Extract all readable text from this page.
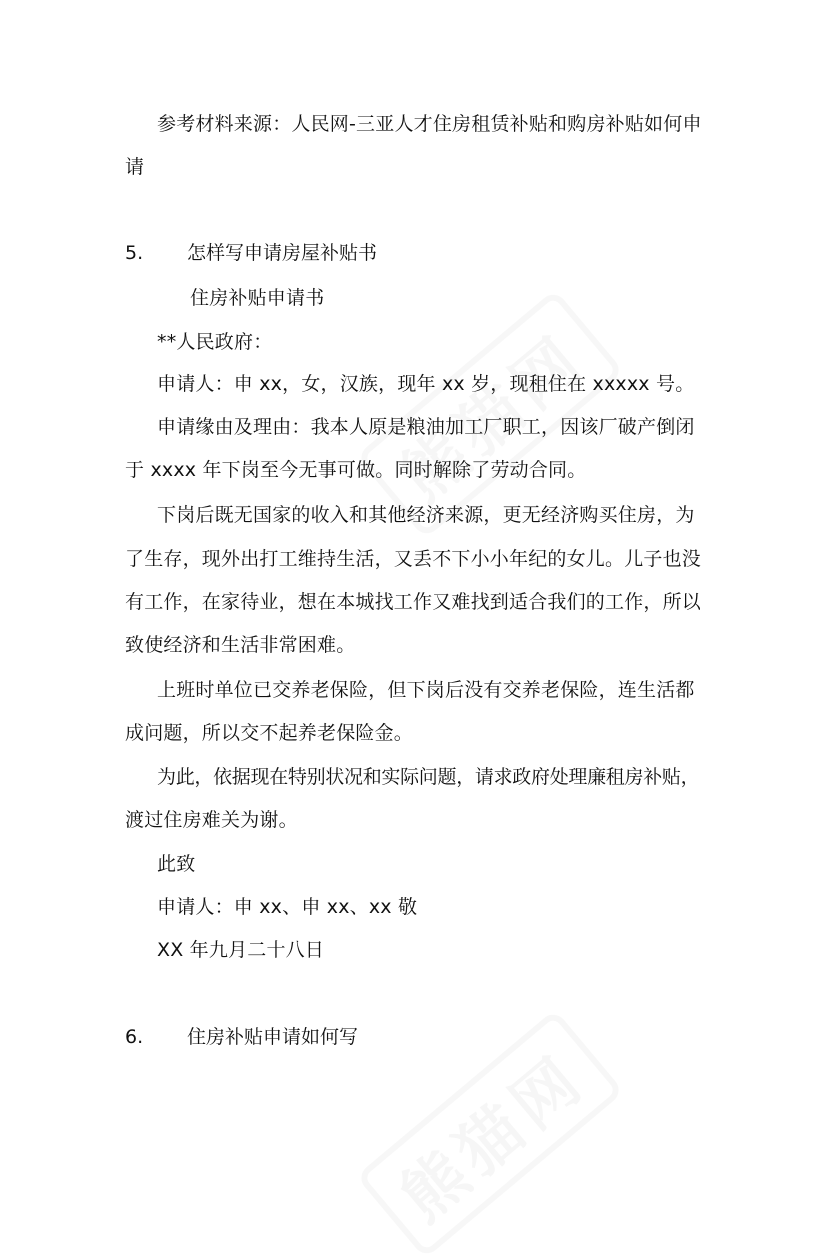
参考材料来源：人民网-三亚人才住房租赁补贴和购房补贴如何申
请
5. 怎样写申请房屋补贴书
住房补贴申请书
**人民政府：
申请人：申 xx，女，汉族，现年 xx 岁，现租住在 xxxxx 号。
申请缘由及理由：我本人原是粮油加工厂职工，因该厂破产倒闭
于 xxxx 年下岗至今无事可做。同时解除了劳动合同。
下岗后既无国家的收入和其他经济来源，更无经济购买住房，为
了生存，现外出打工维持生活，又丢不下小小年纪的女儿。儿子也没
有工作，在家待业，想在本城找工作又难找到适合我们的工作，所以
致使经济和生活非常困难。
上班时单位已交养老保险，但下岗后没有交养老保险，连生活都
成问题，所以交不起养老保险金。
为此，依据现在特别状况和实际问题，请求政府处理廉租房补贴，
渡过住房难关为谢。
此致
申请人：申 xx、申 xx、xx 敬
XX 年九月二十八日
6. 住房补贴申请如何写
